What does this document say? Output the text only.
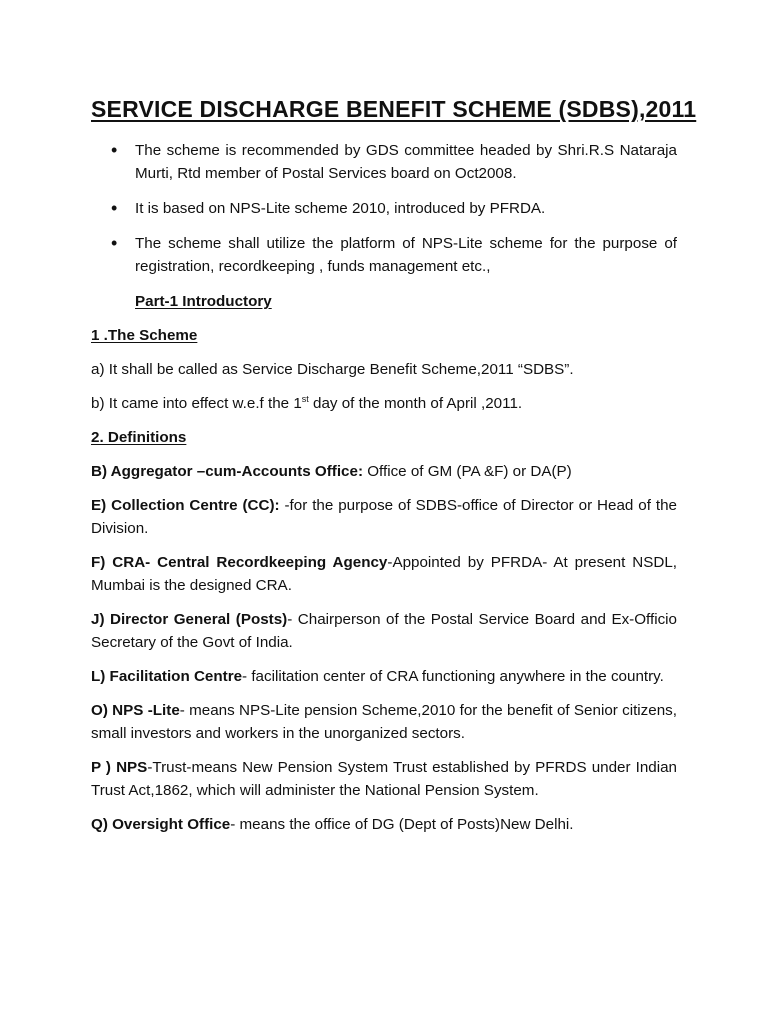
SERVICE DISCHARGE BENEFIT SCHEME (SDBS),2011
• The scheme is recommended by GDS committee headed by Shri.R.S Nataraja Murti, Rtd member of Postal Services board on Oct2008.
• It is based on NPS-Lite scheme 2010, introduced by PFRDA.
• The scheme shall utilize the platform of NPS-Lite scheme for the purpose of registration, recordkeeping , funds management etc.,

Part-1 Introductory

1 .The Scheme

a) It shall be called as Service Discharge Benefit Scheme,2011 “SDBS”.

b) It came into effect w.e.f the 1st day of the month of April ,2011.

2. Definitions

B) Aggregator –cum-Accounts Office: Office of GM (PA &F) or DA(P)

E) Collection Centre (CC): -for the purpose of SDBS-office of Director or Head of the Division.

F) CRA- Central Recordkeeping Agency-Appointed by PFRDA- At present NSDL, Mumbai is the designed CRA.

J) Director General (Posts)- Chairperson of the Postal Service Board and Ex-Officio Secretary of the Govt of India.

L) Facilitation Centre- facilitation center of CRA functioning anywhere in the country.

O) NPS -Lite- means NPS-Lite pension Scheme,2010 for the benefit of Senior citizens, small investors and workers in the unorganized sectors.

P ) NPS-Trust-means New Pension System Trust established by PFRDS under Indian Trust Act,1862, which will administer the National Pension System.

Q) Oversight Office- means the office of DG (Dept of Posts)New Delhi.
